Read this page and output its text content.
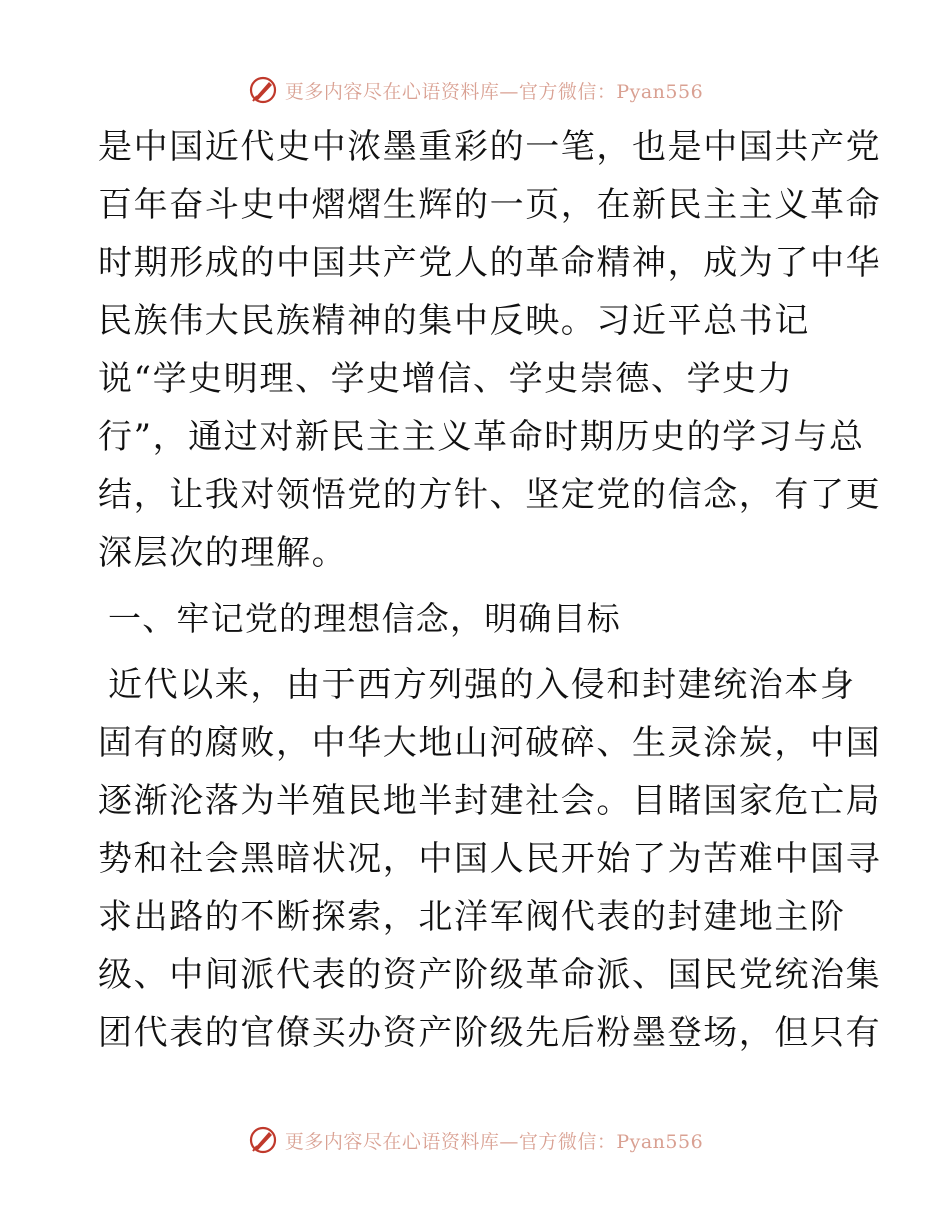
更多内容尽在心语资料库—官方微信：Pyan556
是中国近代史中浓墨重彩的一笔，也是中国共产党
百年奋斗史中熠熠生辉的一页，在新民主主义革命
时期形成的中国共产党人的革命精神，成为了中华
民族伟大民族精神的集中反映。习近平总书记
说“学史明理、学史增信、学史崇德、学史力
行”，通过对新民主主义革命时期历史的学习与总
结，让我对领悟党的方针、坚定党的信念，有了更
深层次的理解。
一、牢记党的理想信念，明确目标
近代以来，由于西方列强的入侵和封建统治本身
固有的腐败，中华大地山河破碎、生灵涂炭，中国
逐渐沦落为半殖民地半封建社会。目睹国家危亡局
势和社会黑暗状况，中国人民开始了为苦难中国寻
求出路的不断探索，北洋军阀代表的封建地主阶
级、中间派代表的资产阶级革命派、国民党统治集
团代表的官僚买办资产阶级先后粉墨登场，但只有
更多内容尽在心语资料库—官方微信：Pyan556
